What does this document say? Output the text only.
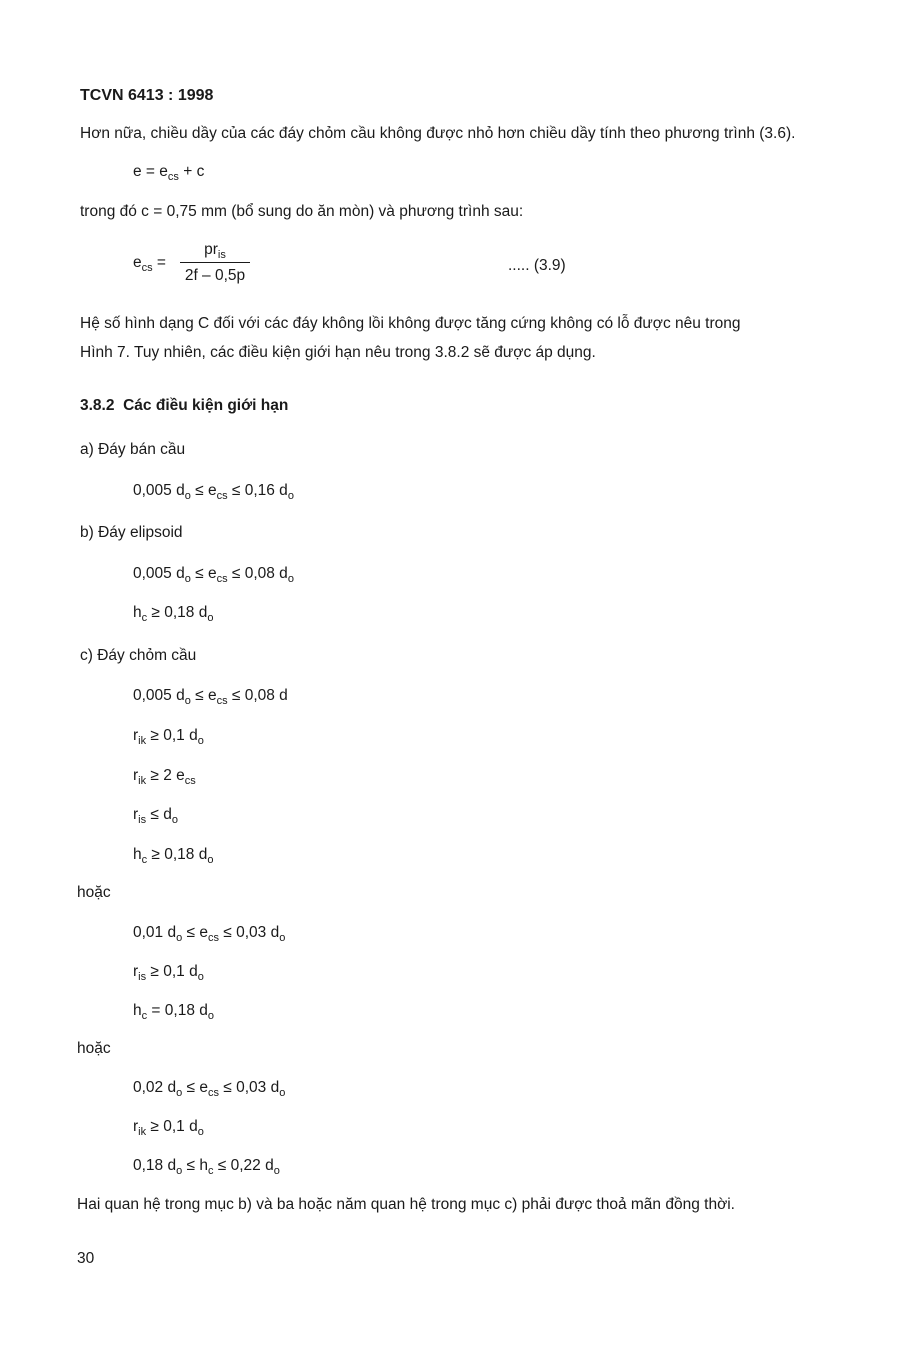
TCVN 6413 : 1998
Hơn nữa, chiều dầy của các đáy chỏm cầu không được nhỏ hơn chiều dầy tính theo phương trình (3.6).
$e = e_{cs} + c$
trong đó c = 0,75 mm (bổ sung do ăn mòn) và phương trình sau:
$e_{cs}$ =
$pr_{is}$
2f – 0,5p
..... (3.9)
Hệ số hình dạng C đối với các đáy không lồi không được tăng cứng không có lỗ được nêu trong
Hình 7. Tuy nhiên, các điều kiện giới hạn nêu trong 3.8.2 sẽ được áp dụng.
3.8.2 Các điều kiện giới hạn
a) Đáy bán cầu
0,005 $d_o \le e_{cs} \le 0,16$ $d_o$
b) Đáy elipsoid
0,005 $d_o \le e_{cs} \le 0,08$ $d_o$
$h_c \ge 0,18$ $d_o$
c) Đáy chỏm cầu
0,005 $d_o \le e_{cs} \le 0,08$ d
$r_{ik} \ge 0,1$ $d_o$
$r_{ik} \ge 2$ $e_{cs}$
$r_{is} \le d_o$
$h_c \ge 0,18$ $d_o$
hoặc
0,01 $d_o \le e_{cs} \le 0,03$ $d_o$
$r_{is} \ge 0,1$ $d_o$
$h_c = 0,18$ $d_o$
hoặc
0,02 $d_o \le e_{cs} \le 0,03$ $d_o$
$r_{ik} \ge 0,1$ $d_o$
0,18 $d_o \le h_c \le 0,22$ $d_o$
Hai quan hệ trong mục b) và ba hoặc năm quan hệ trong mục c) phải được thoả mãn đồng thời.
30
